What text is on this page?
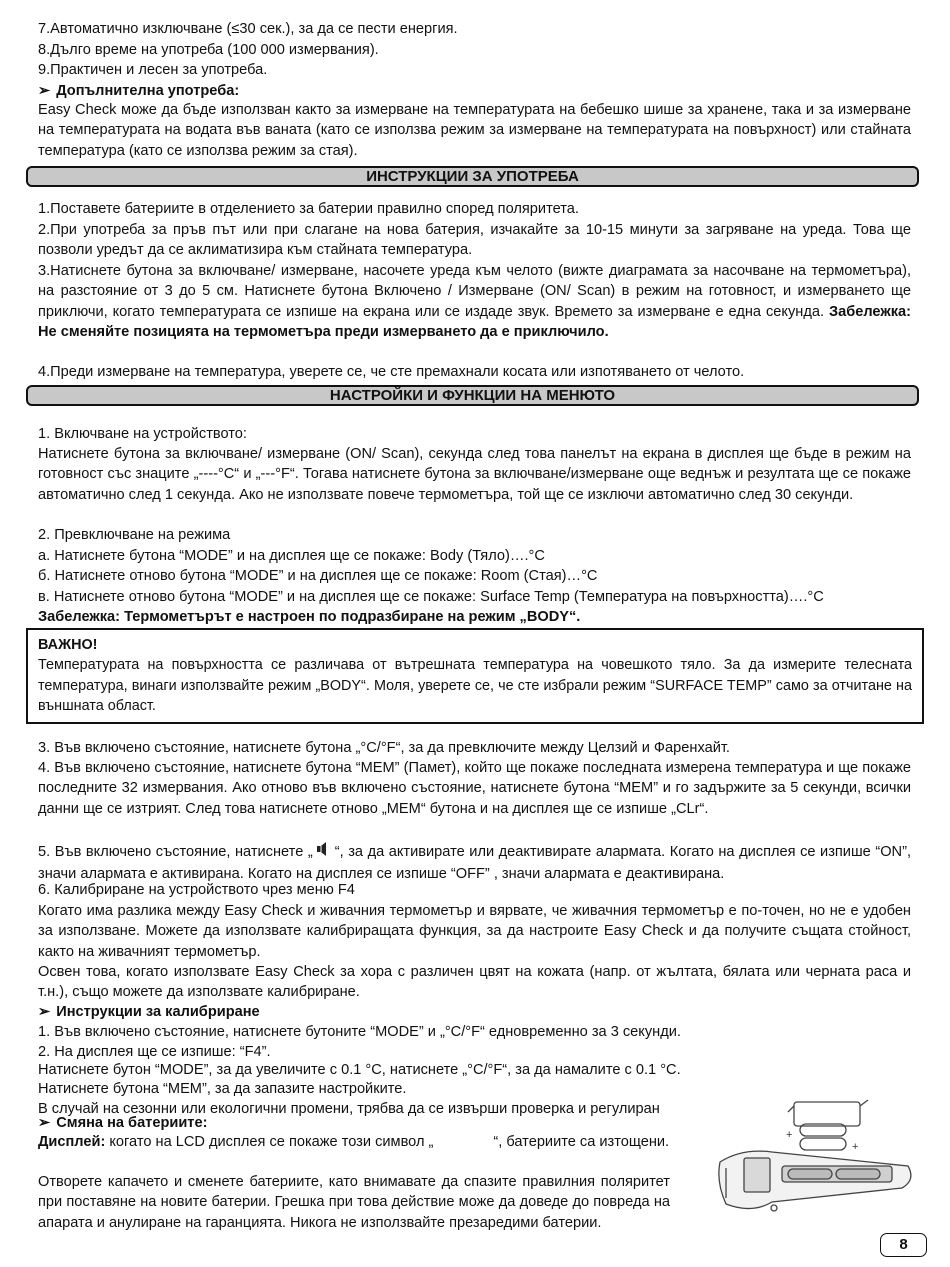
7.Автоматично изключване (≤30 сек.), за да се пести енергия.

8.Дълго време на употреба (100 000 измервания).

9.Практичен и лесен за употреба.

➢ Допълнителна употреба:

Easy Check може да бъде използван както за измерване на температурата на бебешко шише за хранене, така и за измерване на температурата на водата във ваната (като се използва режим за измерване на температурата на повърхност) или стайната температура (като се използва режим за стая).

ИНСТРУКЦИИ ЗА УПОТРЕБА

1.Поставете батериите в отделението за батерии правилно според поляритета.

2.При употреба за пръв път или при слагане на нова батерия, изчакайте за 10-15 минути за загряване на уреда. Това ще позволи уредът да се аклиматизира към стайната температура.

3.Натиснете бутона за включване/ измерване, насочете уреда към челото (вижте диаграмата за насочване на термометъра), на разстояние от 3 до 5 см. Натиснете бутона Включено / Измерване (ON/ Scan) в режим на готовност, и измерването ще приключи, когато температурата се изпише на екрана или се издаде звук. Времето за измерване е една секунда. Забележка: Не сменяйте позицията на термометъра преди измерването да е приключило.

4.Преди измерване на температура, уверете се, че сте премахнали косата или изпотяването от челото.

НАСТРОЙКИ И ФУНКЦИИ НА МЕНЮТО

1. Включване на устройството:

Натиснете бутона за включване/ измерване (ON/ Scan), секунда след това панелът на екрана в дисплея ще бъде в режим на готовност със знаците „----°C“ и „---°F“. Тогава натиснете бутона за включване/измерване още веднъж и резултата ще се покаже автоматично след 1 секунда. Ако не използвате повече термометъра, той ще се изключи автоматично след 30 секунди.

2. Превключване на режима

a. Натиснете бутона “MODE” и на дисплея ще се покаже: Body (Тяло)….°C

б. Натиснете отново бутона “MODE” и на дисплея ще се покаже: Room (Стая)…°C

в. Натиснете отново бутона “MODE” и на дисплея ще се покаже: Surface Temp (Температура на повърхността)….°C

Забележка: Термометърът е настроен по подразбиране на режим „BODY“.

ВАЖНО!

Температурата на повърхността се различава от вътрешната температура на човешкото тяло. За да измерите телесната температура, винаги използвайте режим „BODY“. Моля, уверете се, че сте избрали режим “SURFACE TEMP” само за отчитане на външната област.

3. Във включено състояние, натиснете бутона „°C/°F“, за да превключите между Целзий и Фаренхайт.

4. Във включено състояние, натиснете бутона “MEM” (Памет), който ще покаже последната измерена температура и ще покаже последните 32 измервания. Ако отново във включено състояние, натиснете бутона “MEM” и го задържите за 5 секунди, всички данни ще се изтрият. След това натиснете отново „MEM“ бутона и на дисплея ще се изпише „CLr“.

5. Във включено състояние, натиснете „ “, за да активирате или деактивирате алармата. Когато на дисплея се изпише “ON”, значи алармата е активирана. Когато на дисплея се изпише “OFF” , значи алармата е деактивирана.

6. Калибриране на устройството чрез меню F4

Когато има разлика между Easy Check и живачния термометър и вярвате, че живачния термометър е по-точен, но не е удобен за използване. Можете да използвате калибриращата функция, за да настроите Easy Check и да получите същата стойност, както на живачният термометър.

Освен това, когато използвате Easy Check за хора с различен цвят на кожата (напр. от жълтата, бялата или черната раса и т.н.), също можете да използвате калибриране.

➢ Инструкции за калибриране

1. Във включено състояние, натиснете бутоните “MODE” и „°C/°F“ едновременно за 3 секунди.

2. На дисплея ще се изпише: “F4”.

Натиснете бутон “MODE”, за да увеличите с 0.1 °C, натиснете „°C/°F“, за да намалите с 0.1 °C.

Натиснете бутона “MEM”, за да запазите настройките.

В случай на сезонни или екологични промени, трябва да се извърши проверка и регулиран

➢ Смяна на батериите:

Дисплей: когато на LCD дисплея се покаже този символ „	“, батериите са изтощени.

Отворете капачето и сменете батериите, като внимавате да спазите правилния поляритет при поставяне на новите батерии. Грешка при това действие може да доведе до повреда на апарата и анулиране на гаранцията. Никога не използвайте презаредими батерии.

+
+
8
